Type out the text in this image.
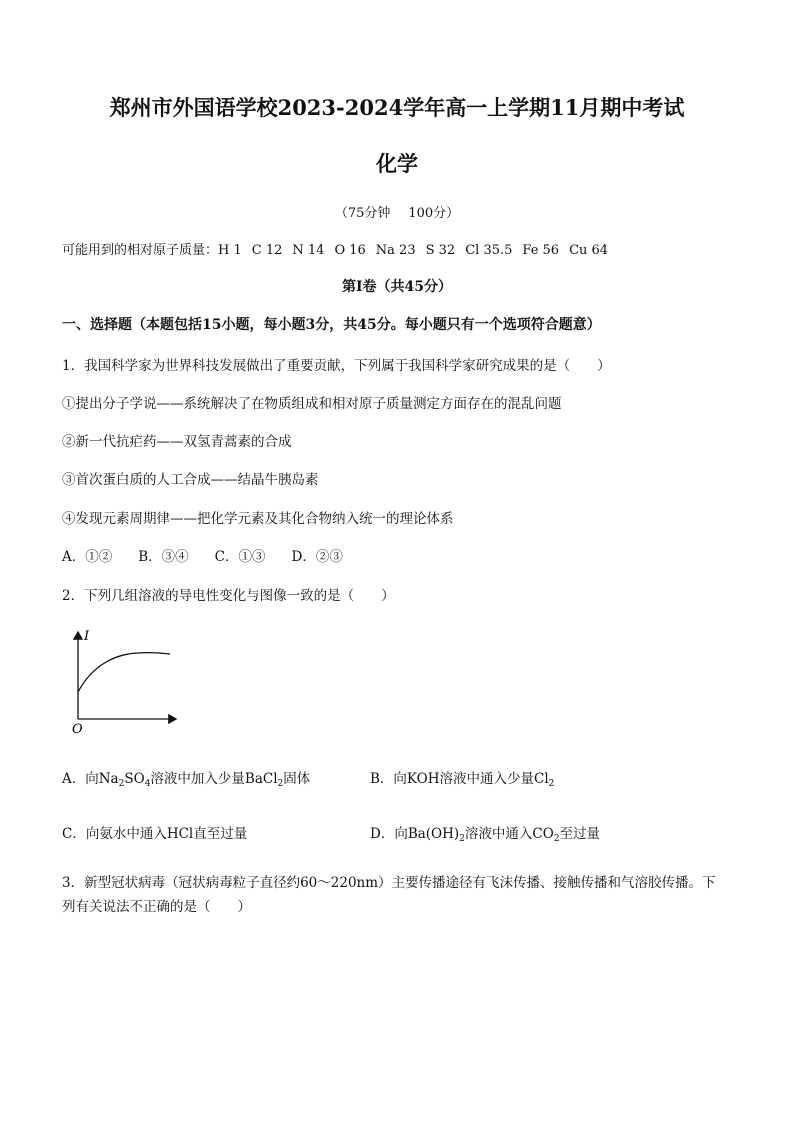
郑州市外国语学校2023-2024学年高一上学期11月期中考试
化学
（75分钟 100分）
可能用到的相对原子质量：H 1 C 12 N 14 O 16 Na 23 S 32 Cl 35.5 Fe 56 Cu 64
第Ⅰ卷（共45分）
一、选择题（本题包括15小题，每小题3分，共45分。每小题只有一个选项符合题意）
1．我国科学家为世界科技发展做出了重要贡献，下列属于我国科学家研究成果的是（　　）
①提出分子学说——系统解决了在物质组成和相对原子质量测定方面存在的混乱问题
②新一代抗疟药——双氢青蒿素的合成
③首次蛋白质的人工合成——结晶牛胰岛素
④发现元素周期律——把化学元素及其化合物纳入统一的理论体系
A．①② B．③④ C．①③ D．②③
2．下列几组溶液的导电性变化与图像一致的是（　　）
I
O
A．向$Na_2SO_4$溶液中加入少量BaCl$_2$固体	B．向KOH溶液中通入少量$Cl_2$
C．向氨水中通入HCl直至过量	D．向$Ba(OH)_2$溶液中通入$CO_2$至过量
3．新型冠状病毒（冠状病毒粒子直径约60～220nm）主要传播途径有飞沫传播、接触传播和气溶胶传播。下
列有关说法不正确的是（　　）
